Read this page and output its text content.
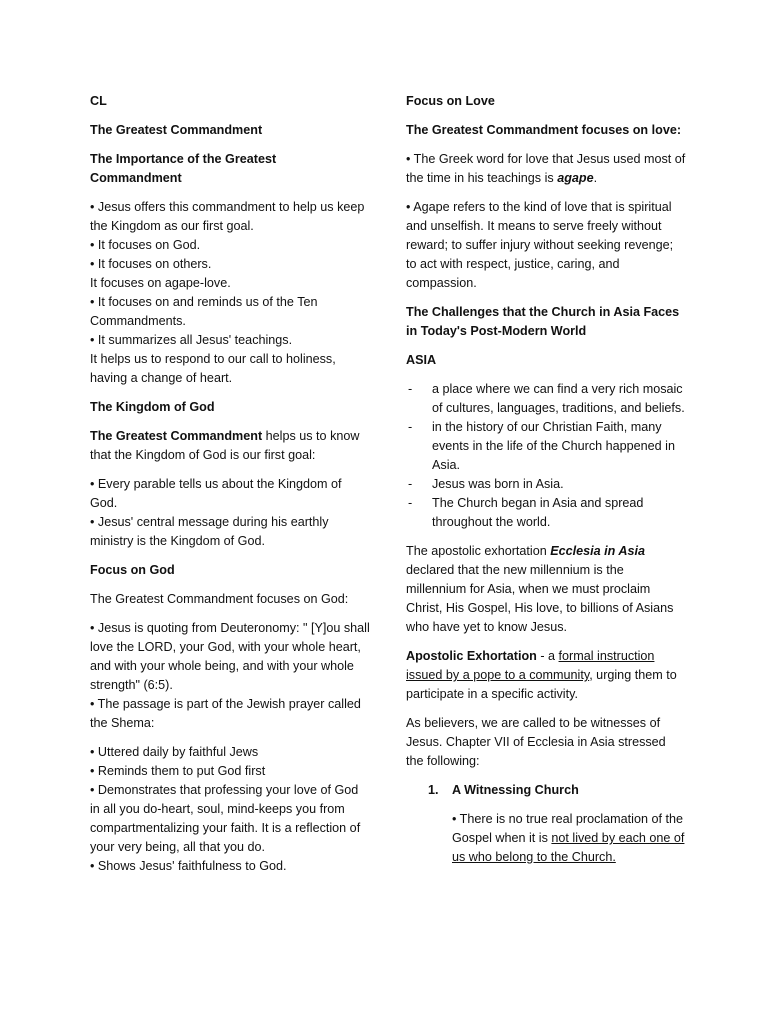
CL

The Greatest Commandment

The Importance of the Greatest Commandment

• Jesus offers this commandment to help us keep the Kingdom as our first goal.
• It focuses on God.
• It focuses on others.
It focuses on agape-love.
• It focuses on and reminds us of the Ten Commandments.
• It summarizes all Jesus' teachings.
It helps us to respond to our call to holiness, having a change of heart.

The Kingdom of God

The Greatest Commandment helps us to know that the Kingdom of God is our first goal:

• Every parable tells us about the Kingdom of God.
• Jesus' central message during his earthly ministry is the Kingdom of God.

Focus on God

The Greatest Commandment focuses on God:

• Jesus is quoting from Deuteronomy: " [Y]ou shall love the LORD, your God, with your whole heart, and with your whole being, and with your whole strength" (6:5).
• The passage is part of the Jewish prayer called the Shema:
• Uttered daily by faithful Jews
• Reminds them to put God first
• Demonstrates that professing your love of God in all you do-heart, soul, mind-keeps you from compartmentalizing your faith. It is a reflection of your very being, all that you do.
• Shows Jesus' faithfulness to God.

Focus on Love

The Greatest Commandment focuses on love:

• The Greek word for love that Jesus used most of the time in his teachings is agape.

• Agape refers to the kind of love that is spiritual and unselfish. It means to serve freely without reward; to suffer injury without seeking revenge; to act with respect, justice, caring, and compassion.

The Challenges that the Church in Asia Faces in Today's Post-Modern World

ASIA

- a place where we can find a very rich mosaic of cultures, languages, traditions, and beliefs.
- in the history of our Christian Faith, many events in the life of the Church happened in Asia.
- Jesus was born in Asia.
- The Church began in Asia and spread throughout the world.

The apostolic exhortation Ecclesia in Asia declared that the new millennium is the millennium for Asia, when we must proclaim Christ, His Gospel, His love, to billions of Asians who have yet to know Jesus.

Apostolic Exhortation - a formal instruction issued by a pope to a community, urging them to participate in a specific activity.

As believers, we are called to be witnesses of Jesus. Chapter VII of Ecclesia in Asia stressed the following:

1.	A Witnessing Church

• There is no true real proclamation of the Gospel when it is not lived by each one of us who belong to the Church.
